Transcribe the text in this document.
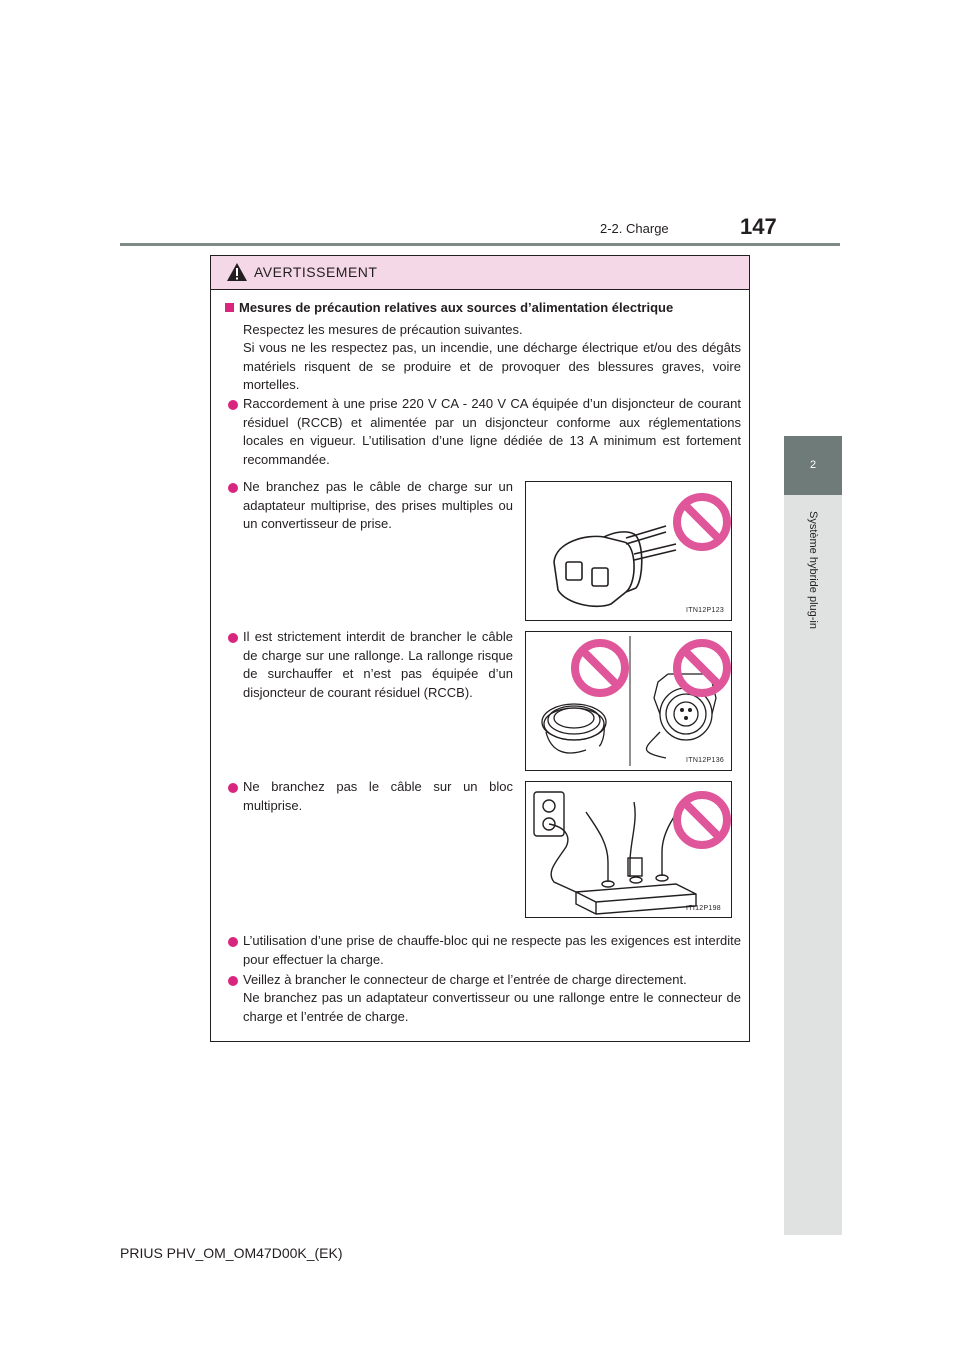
2-2. Charge	147
2
Système hybride plug-in
AVERTISSEMENT
Mesures de précaution relatives aux sources d’alimentation électrique
Respectez les mesures de précaution suivantes.
Si vous ne les respectez pas, un incendie, une décharge électrique et/ou des dégâts matériels risquent de se produire et de provoquer des blessures graves, voire mortelles.
Raccordement à une prise 220 V CA - 240 V CA équipée d’un disjoncteur de courant résiduel (RCCB) et alimentée par un disjoncteur conforme aux réglementations locales en vigueur. L’utilisation d’une ligne dédiée de 13 A minimum est fortement recommandée.
Ne branchez pas le câble de charge sur un adaptateur multiprise, des prises multiples ou un convertisseur de prise.
ITN12P123
Il est strictement interdit de brancher le câble de charge sur une rallonge. La rallonge risque de surchauffer et n’est pas équipée d’un disjoncteur de courant résiduel (RCCB).
ITN12P136
Ne branchez pas le câble sur un bloc multiprise.
ITI12P198
L’utilisation d’une prise de chauffe-bloc qui ne respecte pas les exigences est interdite pour effectuer la charge.
Veillez à brancher le connecteur de charge et l’entrée de charge directement.
Ne branchez pas un adaptateur convertisseur ou une rallonge entre le connecteur de charge et l’entrée de charge.
PRIUS PHV_OM_OM47D00K_(EK)
